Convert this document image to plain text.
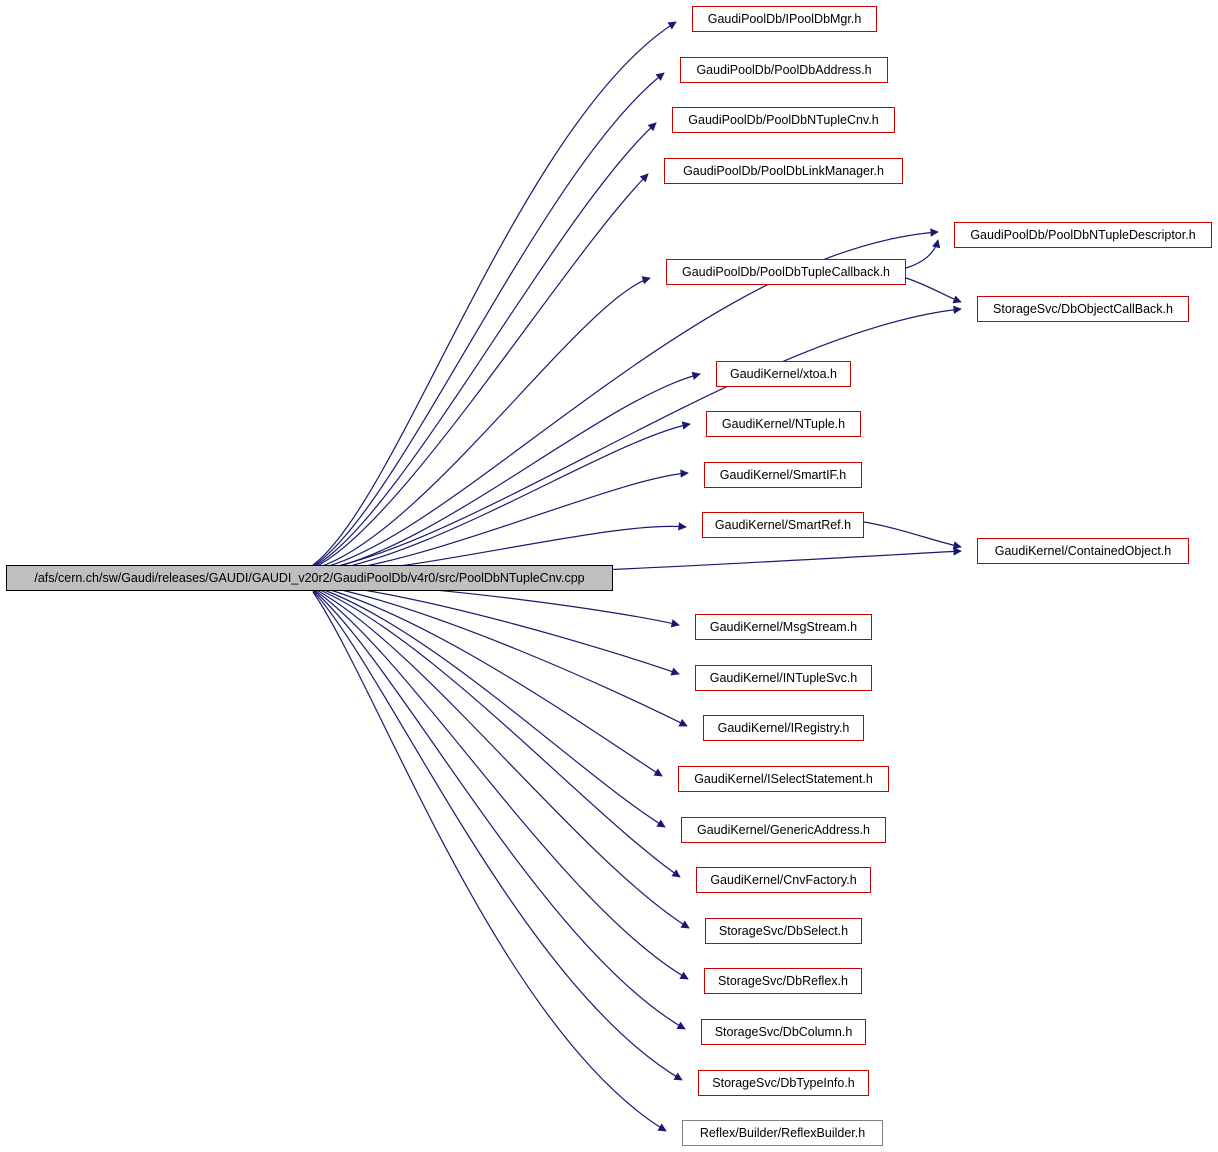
/afs/cern.ch/sw/Gaudi/releases/GAUDI/GAUDI_v20r2/GaudiPoolDb/v4r0/src/PoolDbNTupleCnv.cpp
GaudiPoolDb/IPoolDbMgr.h
GaudiPoolDb/PoolDbAddress.h
GaudiPoolDb/PoolDbNTupleCnv.h
GaudiPoolDb/PoolDbLinkManager.h
GaudiPoolDb/PoolDbNTupleDescriptor.h
GaudiPoolDb/PoolDbTupleCallback.h
StorageSvc/DbObjectCallBack.h
GaudiKernel/xtoa.h
GaudiKernel/NTuple.h
GaudiKernel/SmartIF.h
GaudiKernel/SmartRef.h
GaudiKernel/ContainedObject.h
GaudiKernel/MsgStream.h
GaudiKernel/INTupleSvc.h
GaudiKernel/IRegistry.h
GaudiKernel/ISelectStatement.h
GaudiKernel/GenericAddress.h
GaudiKernel/CnvFactory.h
StorageSvc/DbSelect.h
StorageSvc/DbReflex.h
StorageSvc/DbColumn.h
StorageSvc/DbTypeInfo.h
Reflex/Builder/ReflexBuilder.h
